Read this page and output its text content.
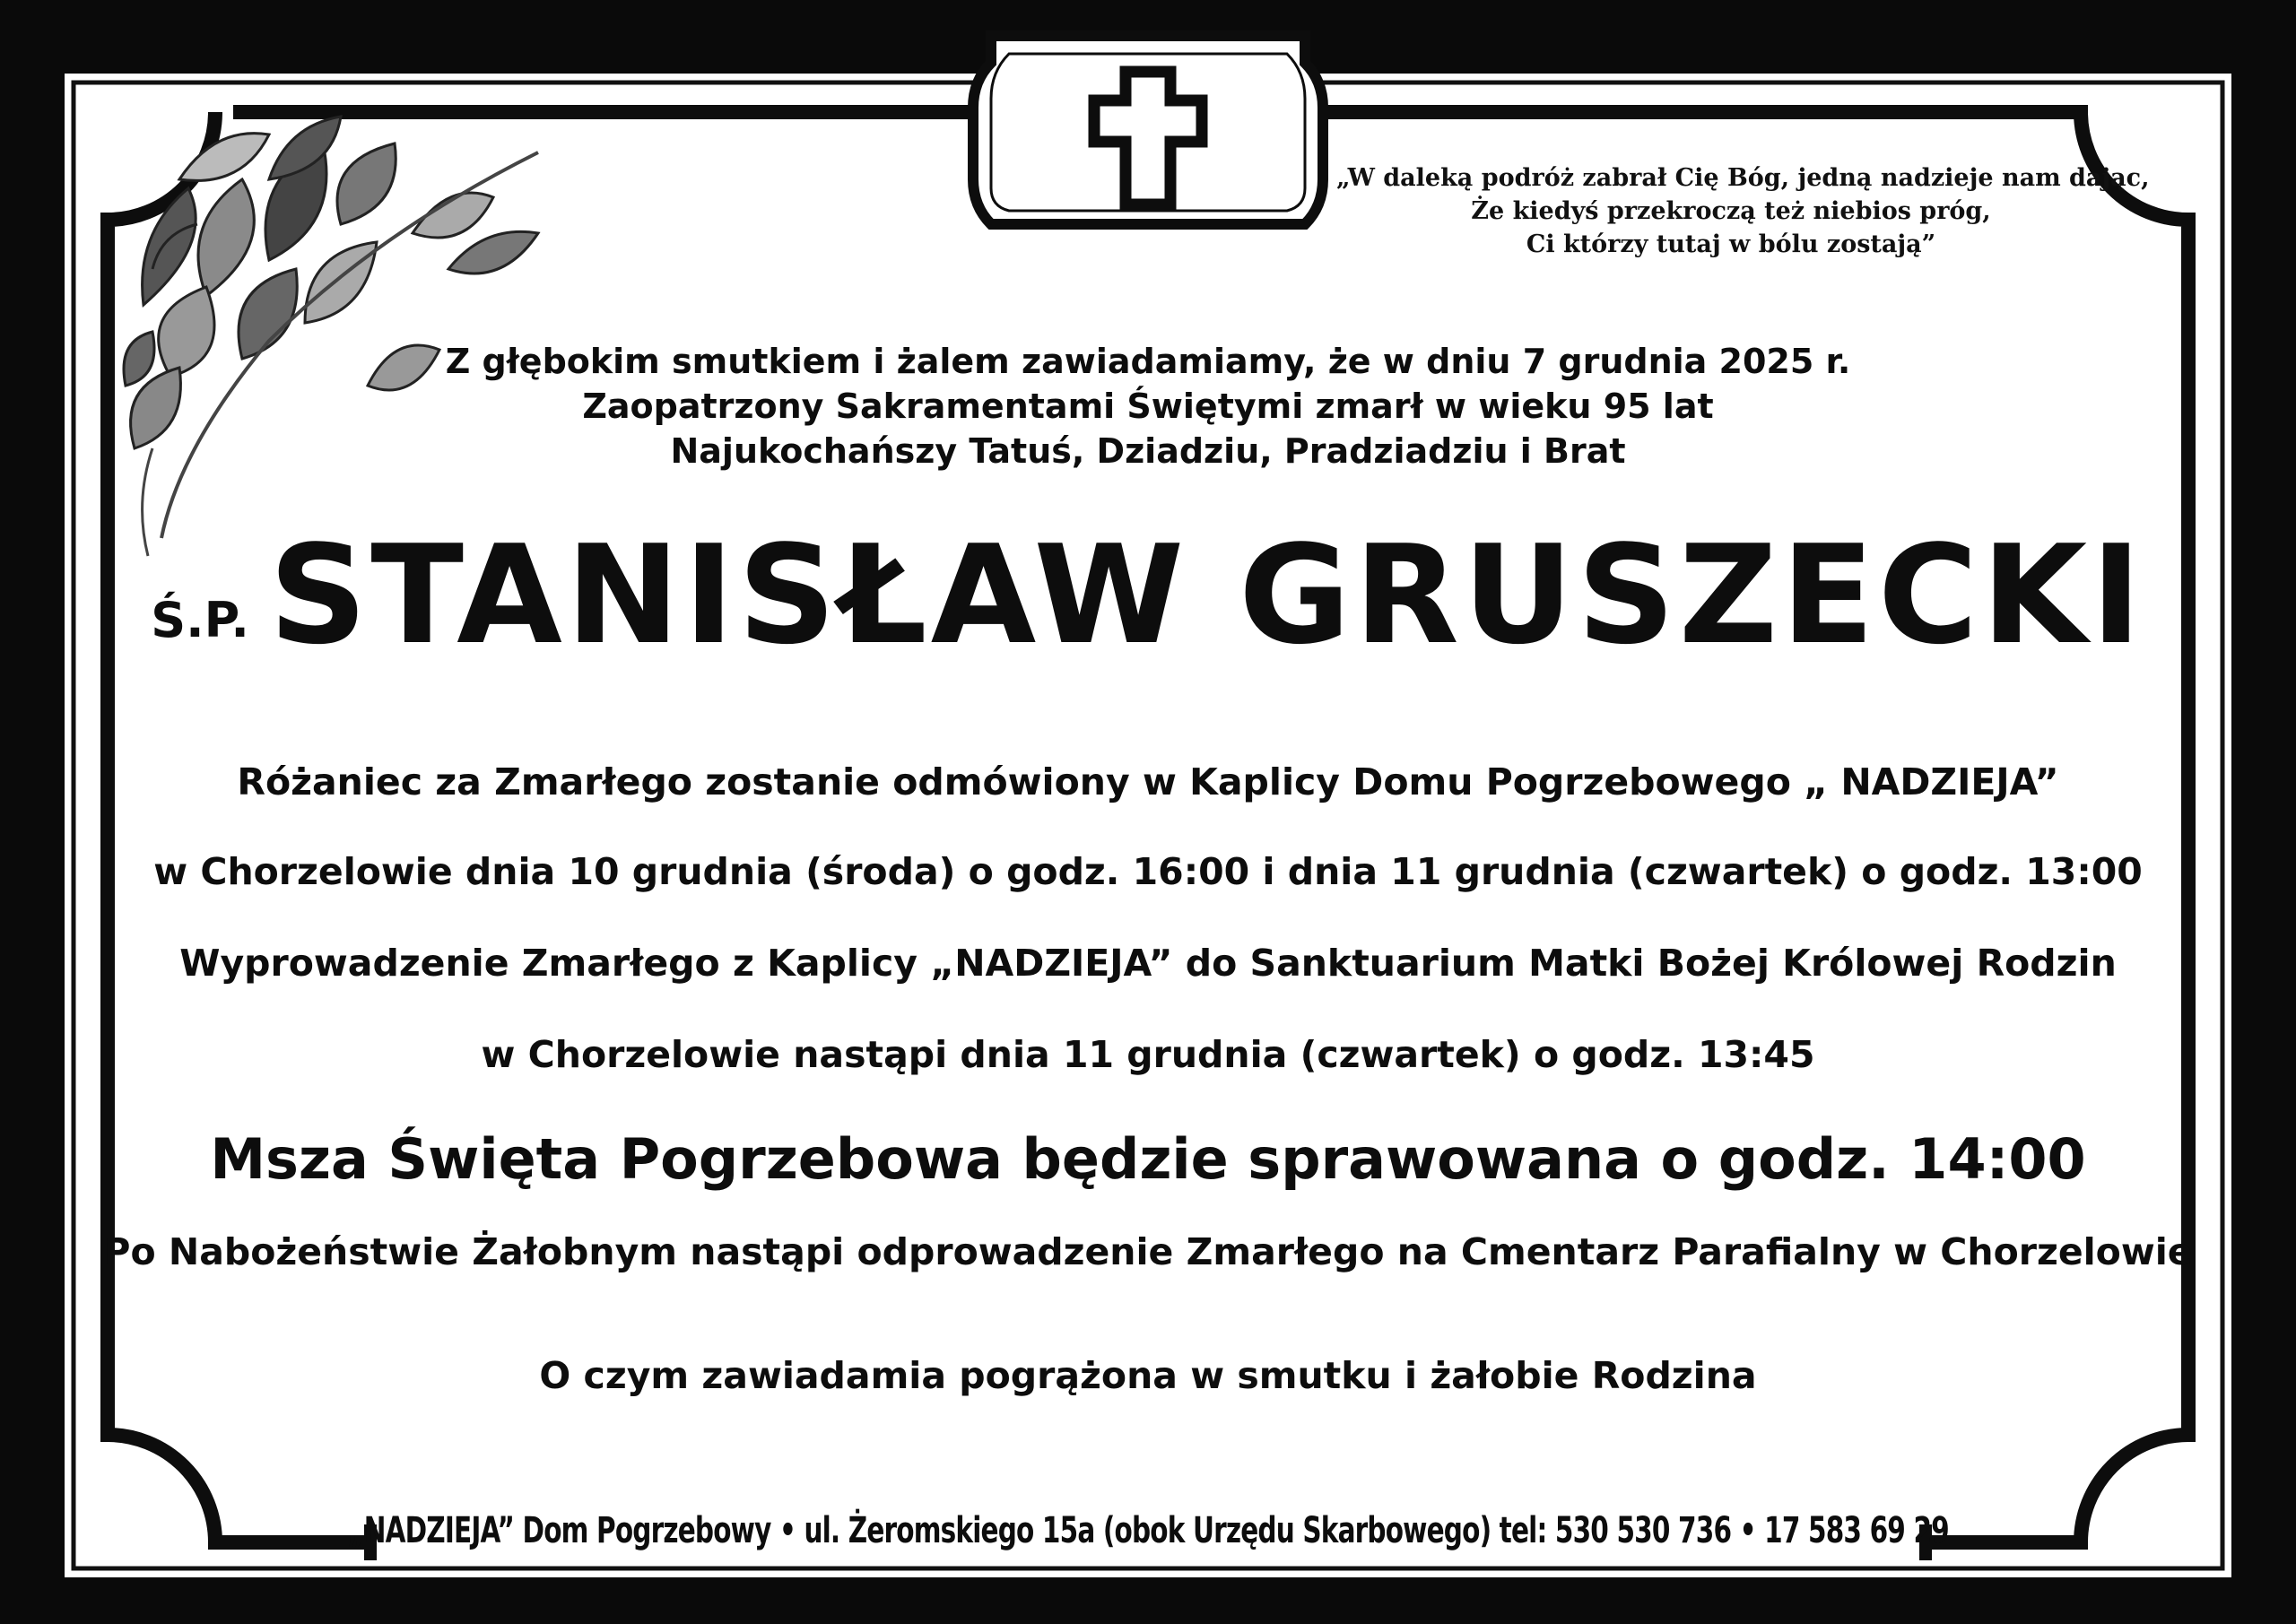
„W daleką podróż zabrał Cię Bóg, jedną nadzieje nam dając,
Że kiedyś przekroczą też niebios próg,
Ci którzy tutaj w bólu zostają”
Z głębokim smutkiem i żalem zawiadamiamy, że w dniu 7 grudnia 2025 r.
Zaopatrzony Sakramentami Świętymi zmarł w wieku 95 lat
Najukochańszy Tatuś, Dziadziu, Pradziadziu i Brat
Ś.P. STANISŁAW GRUSZECKI
Różaniec za Zmarłego zostanie odmówiony w Kaplicy Domu Pogrzebowego „ NADZIEJA”
w Chorzelowie dnia 10 grudnia (środa) o godz. 16:00 i dnia 11 grudnia (czwartek) o godz. 13:00
Wyprowadzenie Zmarłego z Kaplicy „NADZIEJA” do Sanktuarium Matki Bożej Królowej Rodzin
w Chorzelowie nastąpi dnia 11 grudnia (czwartek) o godz. 13:45
Msza Święta Pogrzebowa będzie sprawowana o godz. 14:00
Po Nabożeństwie Żałobnym nastąpi odprowadzenie Zmarłego na Cmentarz Parafialny w Chorzelowie
O czym zawiadamia pogrążona w smutku i żałobie Rodzina
„NADZIEJA” Dom Pogrzebowy • ul. Żeromskiego 15a (obok Urzędu Skarbowego) tel: 530 530 736 • 17 583 69 29
